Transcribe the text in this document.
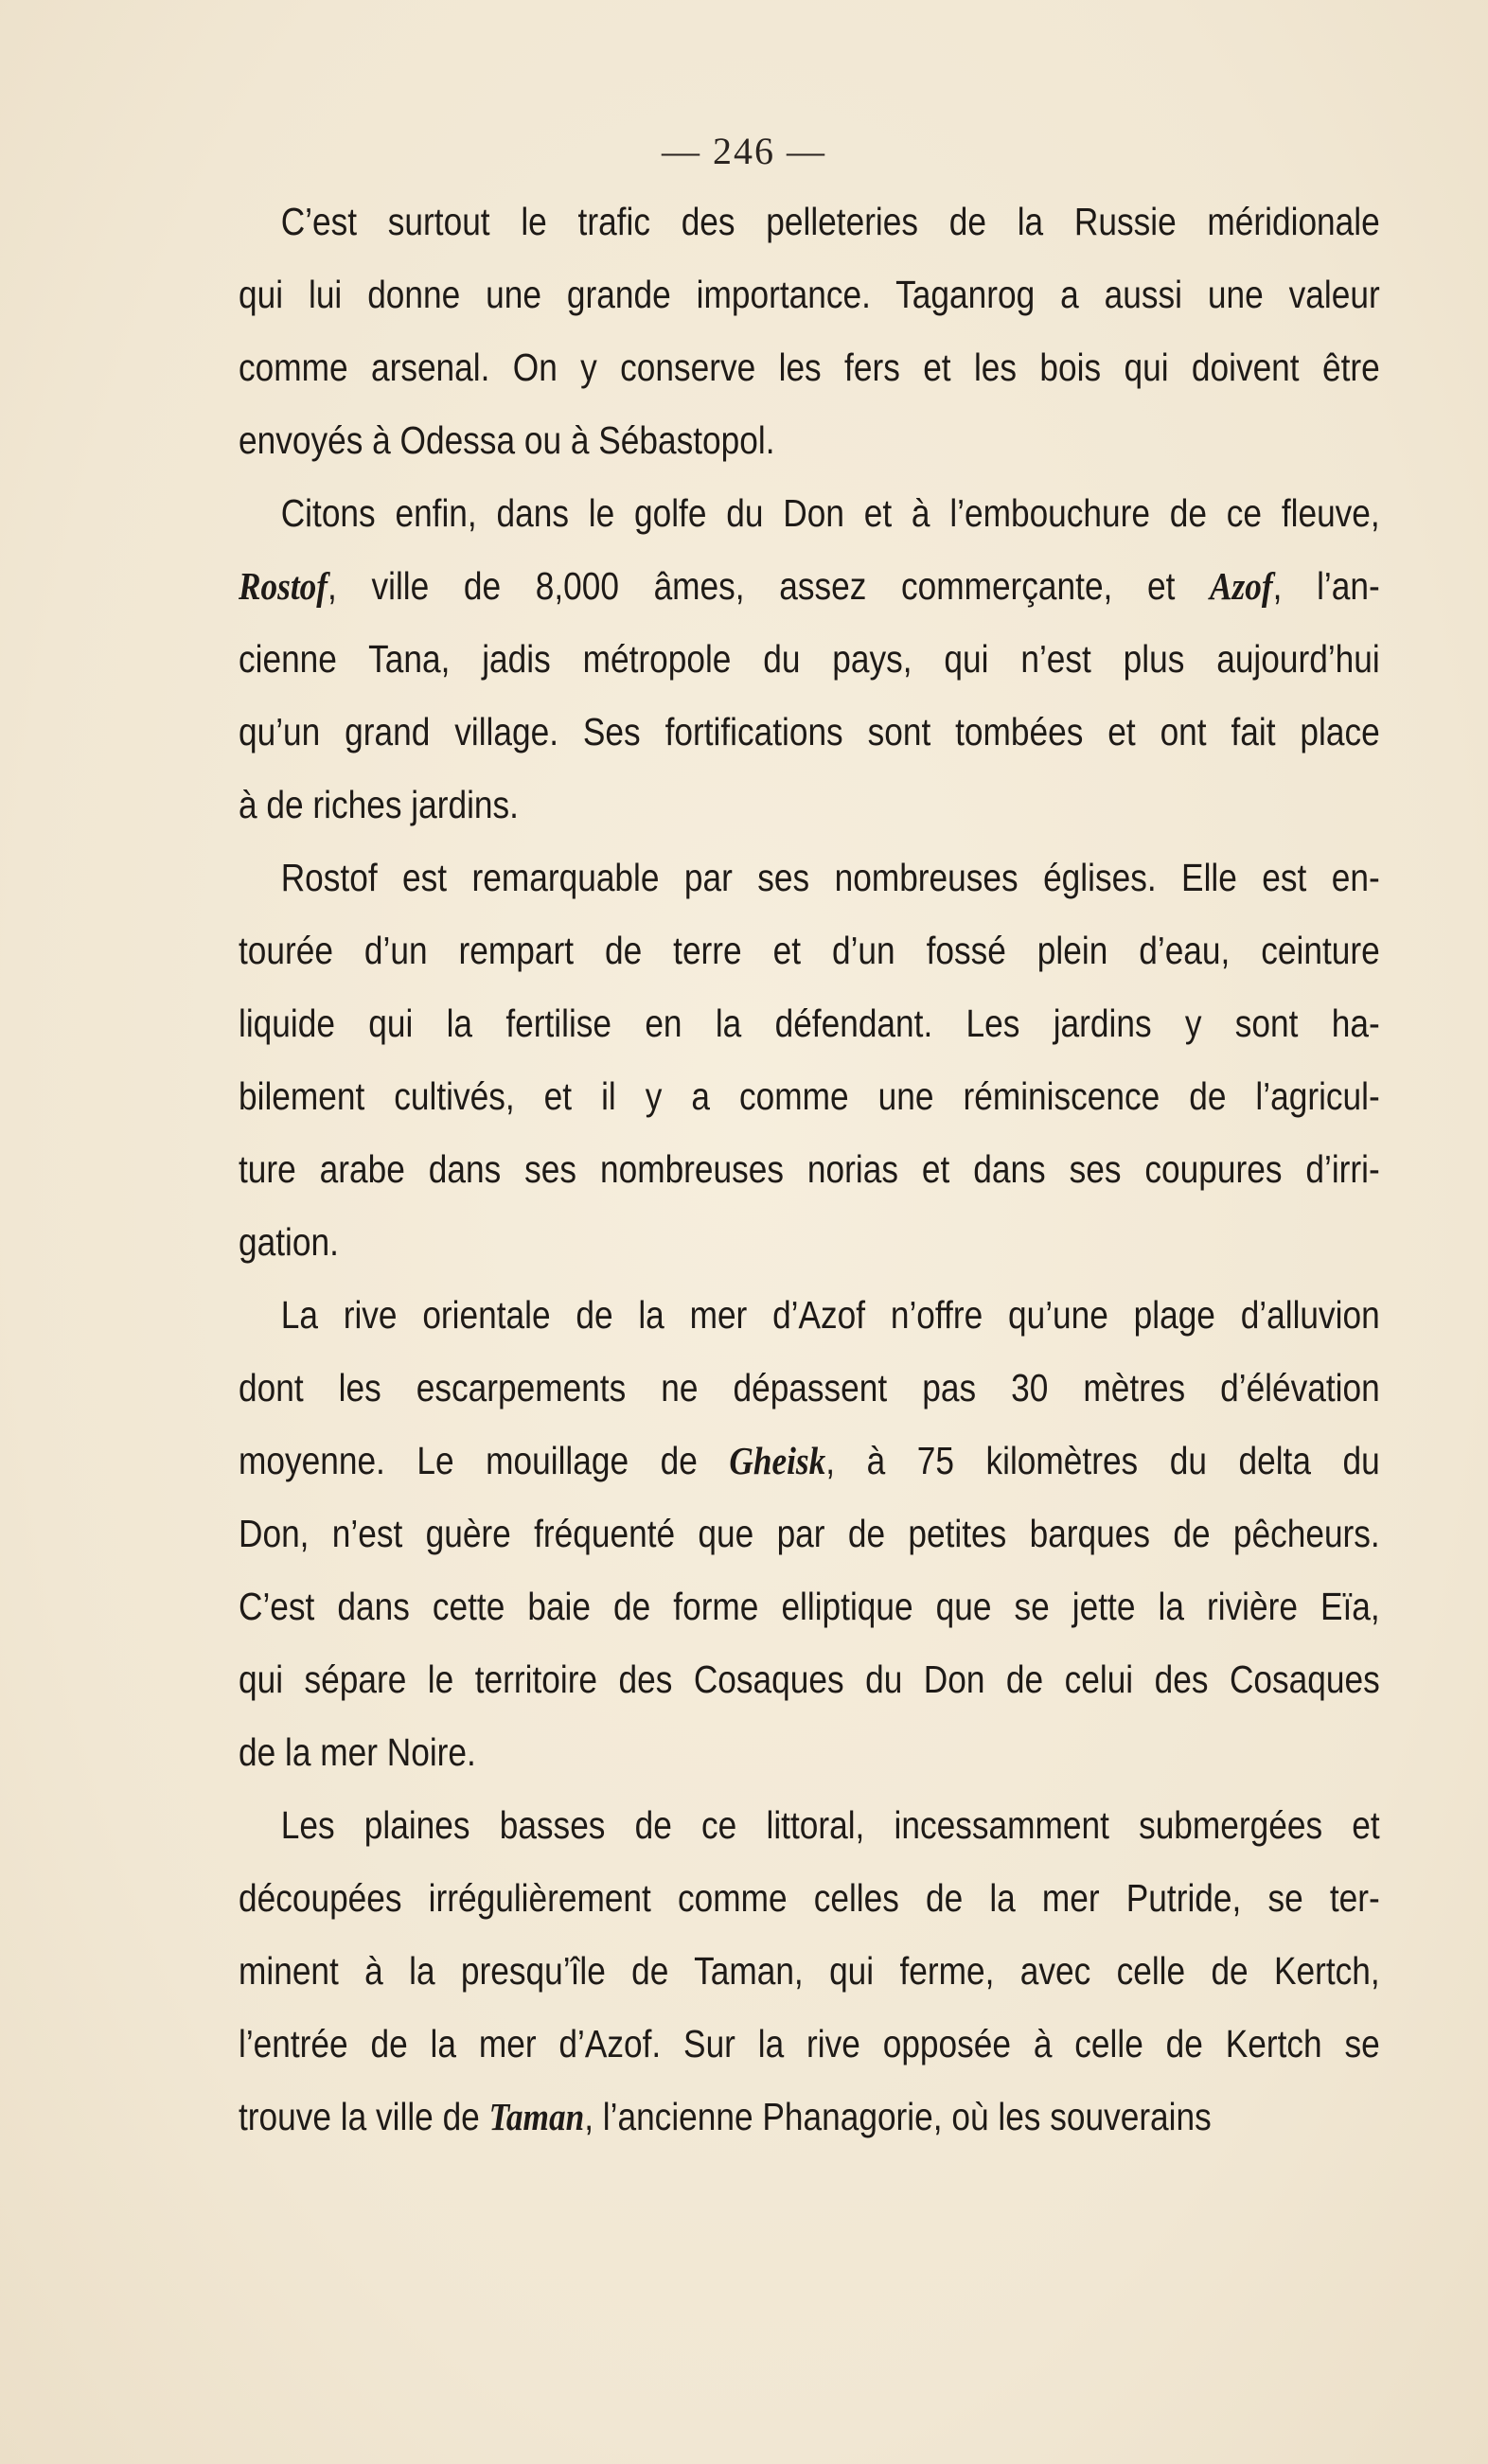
— 246 —
C’est surtout le trafic des pelleteries de la Russie méridionale
qui lui donne une grande importance. Taganrog a aussi une valeur
comme arsenal. On y conserve les fers et les bois qui doivent être
envoyés à Odessa ou à Sébastopol.
Citons enfin, dans le golfe du Don et à l’embouchure de ce fleuve,
Rostof, ville de 8,000 âmes, assez commerçante, et Azof, l’an-
cienne Tana, jadis métropole du pays, qui n’est plus aujourd’hui
qu’un grand village. Ses fortifications sont tombées et ont fait place
à de riches jardins.
Rostof est remarquable par ses nombreuses églises. Elle est en-
tourée d’un rempart de terre et d’un fossé plein d’eau, ceinture
liquide qui la fertilise en la défendant. Les jardins y sont ha-
bilement cultivés, et il y a comme une réminiscence de l’agricul-
ture arabe dans ses nombreuses norias et dans ses coupures d’irri-
gation.
La rive orientale de la mer d’Azof n’offre qu’une plage d’alluvion
dont les escarpements ne dépassent pas 30 mètres d’élévation
moyenne. Le mouillage de Gheisk, à 75 kilomètres du delta du
Don, n’est guère fréquenté que par de petites barques de pêcheurs.
C’est dans cette baie de forme elliptique que se jette la rivière Eïa,
qui sépare le territoire des Cosaques du Don de celui des Cosaques
de la mer Noire.
Les plaines basses de ce littoral, incessamment submergées et
découpées irrégulièrement comme celles de la mer Putride, se ter-
minent à la presqu’île de Taman, qui ferme, avec celle de Kertch,
l’entrée de la mer d’Azof. Sur la rive opposée à celle de Kertch se
trouve la ville de Taman, l’ancienne Phanagorie, où les souverains
